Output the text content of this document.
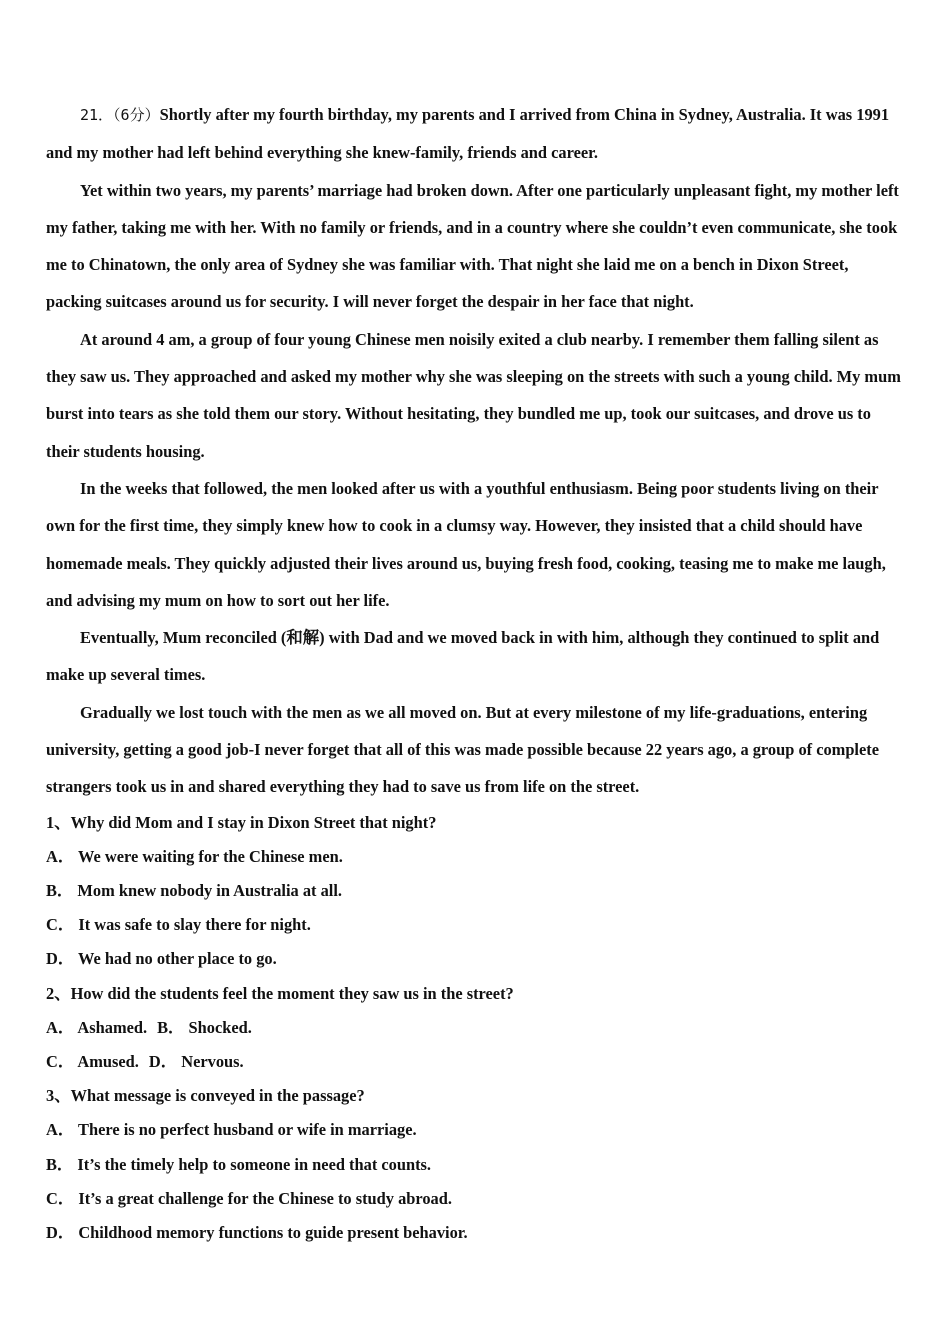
21．（6分）Shortly after my fourth birthday, my parents and I arrived from China in Sydney, Australia. It was 1991 and my mother had left behind everything she knew-family, friends and career.

Yet within two years, my parents’ marriage had broken down. After one particularly unpleasant fight, my mother left my father, taking me with her. With no family or friends, and in a country where she couldn’t even communicate, she took me to Chinatown, the only area of Sydney she was familiar with. That night she laid me on a bench in Dixon Street, packing suitcases around us for security. I will never forget the despair in her face that night.

At around 4 am, a group of four young Chinese men noisily exited a club nearby. I remember them falling silent as they saw us. They approached and asked my mother why she was sleeping on the streets with such a young child. My mum burst into tears as she told them our story. Without hesitating, they bundled me up, took our suitcases, and drove us to their students housing.

In the weeks that followed, the men looked after us with a youthful enthusiasm. Being poor students living on their own for the first time, they simply knew how to cook in a clumsy way. However, they insisted that a child should have homemade meals. They quickly adjusted their lives around us, buying fresh food, cooking, teasing me to make me laugh, and advising my mum on how to sort out her life.

Eventually, Mum reconciled (和解) with Dad and we moved back in with him, although they continued to split and make up several times.

Gradually we lost touch with the men as we all moved on. But at every milestone of my life-graduations, entering university, getting a good job-I never forget that all of this was made possible because 22 years ago, a group of complete strangers took us in and shared everything they had to save us from life on the street.

1、Why did Mom and I stay in Dixon Street that night?

A． We were waiting for the Chinese men.

B． Mom knew nobody in Australia at all.

C． It was safe to slay there for night.

D． We had no other place to go.

2、How did the students feel the moment they saw us in the street?

A． Ashamed. B． Shocked.

C． Amused. D． Nervous.

3、What message is conveyed in the passage?

A． There is no perfect husband or wife in marriage.

B． It’s the timely help to someone in need that counts.

C． It’s a great challenge for the Chinese to study abroad.

D． Childhood memory functions to guide present behavior.
